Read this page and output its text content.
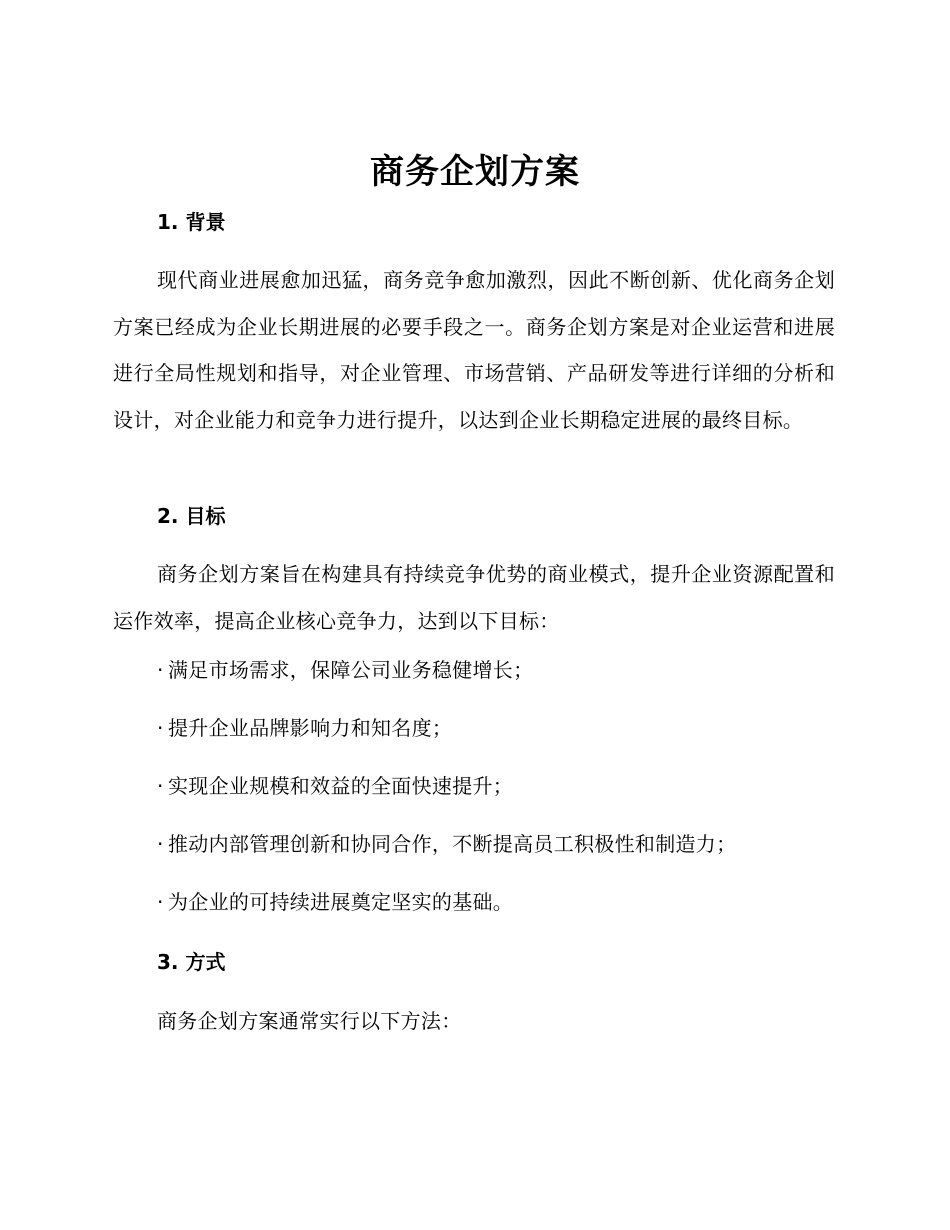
商务企划方案
1. 背景
现代商业进展愈加迅猛，商务竞争愈加激烈，因此不断创新、优化商务企划方案已经成为企业长期进展的必要手段之一。商务企划方案是对企业运营和进展进行全局性规划和指导，对企业管理、市场营销、产品研发等进行详细的分析和设计，对企业能力和竞争力进行提升，以达到企业长期稳定进展的最终目标。
2. 目标
商务企划方案旨在构建具有持续竞争优势的商业模式，提升企业资源配置和运作效率，提高企业核心竞争力，达到以下目标：
· 满足市场需求，保障公司业务稳健增长；
· 提升企业品牌影响力和知名度；
· 实现企业规模和效益的全面快速提升；
· 推动内部管理创新和协同合作，不断提高员工积极性和制造力；
· 为企业的可持续进展奠定坚实的基础。
3. 方式
商务企划方案通常实行以下方法：
